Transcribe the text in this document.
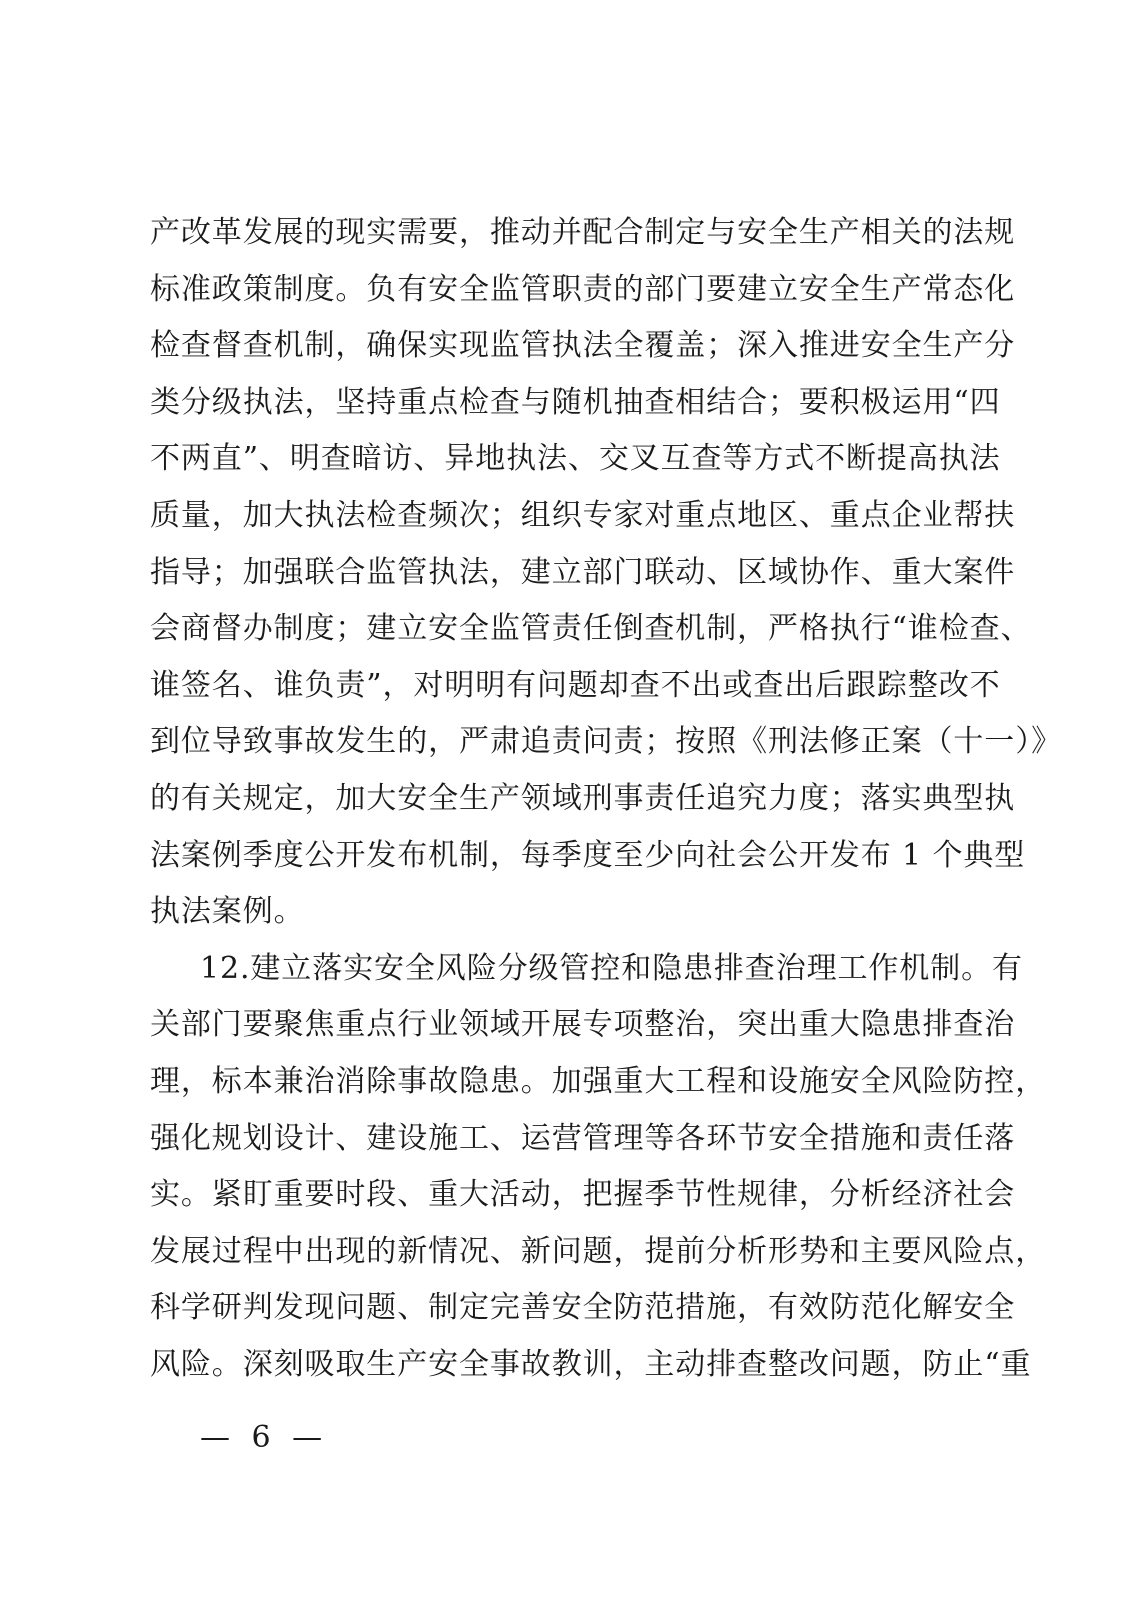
产改革发展的现实需要，推动并配合制定与安全生产相关的法规
标准政策制度。负有安全监管职责的部门要建立安全生产常态化
检查督查机制，确保实现监管执法全覆盖；深入推进安全生产分
类分级执法，坚持重点检查与随机抽查相结合；要积极运用“四
不两直”、明查暗访、异地执法、交叉互查等方式不断提高执法
质量，加大执法检查频次；组织专家对重点地区、重点企业帮扶
指导；加强联合监管执法，建立部门联动、区域协作、重大案件
会商督办制度；建立安全监管责任倒查机制，严格执行“谁检查、
谁签名、谁负责”，对明明有问题却查不出或查出后跟踪整改不
到位导致事故发生的，严肃追责问责；按照《刑法修正案（十一）》
的有关规定，加大安全生产领域刑事责任追究力度；落实典型执
法案例季度公开发布机制，每季度至少向社会公开发布 1 个典型
执法案例。
12.建立落实安全风险分级管控和隐患排查治理工作机制。有
关部门要聚焦重点行业领域开展专项整治，突出重大隐患排查治
理，标本兼治消除事故隐患。加强重大工程和设施安全风险防控，
强化规划设计、建设施工、运营管理等各环节安全措施和责任落
实。紧盯重要时段、重大活动，把握季节性规律，分析经济社会
发展过程中出现的新情况、新问题，提前分析形势和主要风险点，
科学研判发现问题、制定完善安全防范措施，有效防范化解安全
风险。深刻吸取生产安全事故教训，主动排查整改问题，防止“重
— 6 —
